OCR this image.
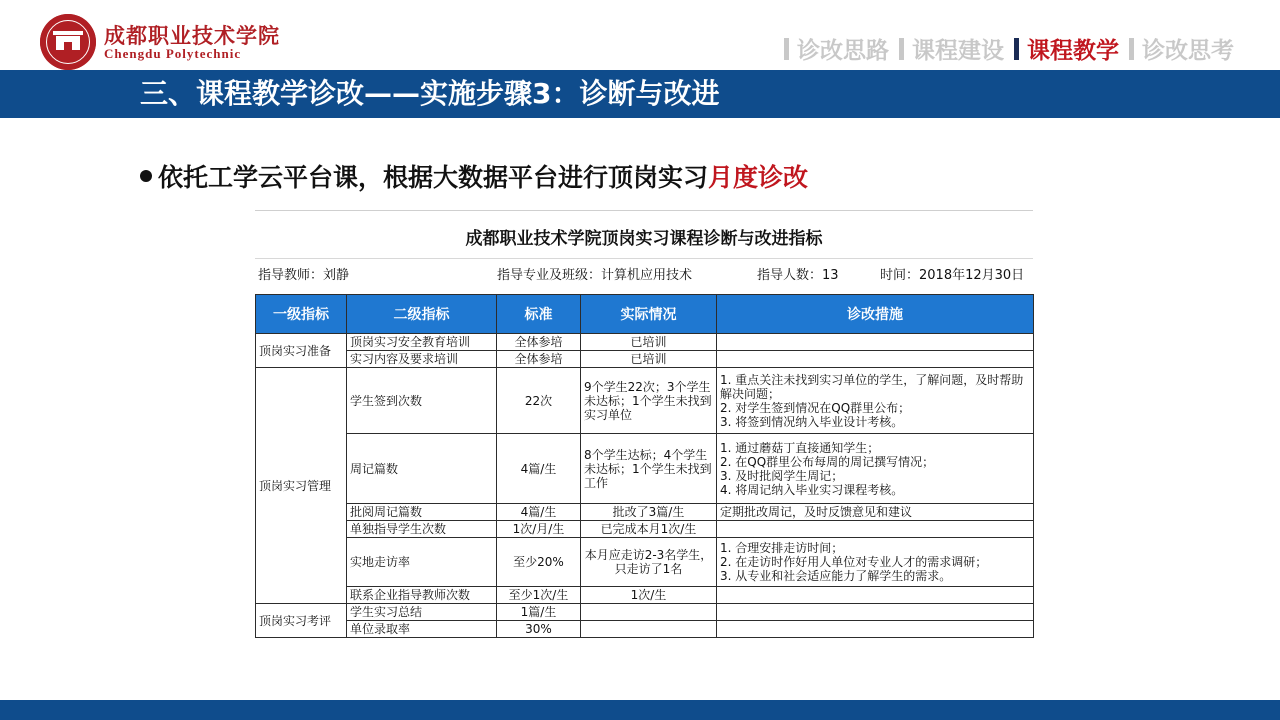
成都职业技术学院
Chengdu Polytechnic	诊改思路 课程建设 课程教学 诊改思考
三、课程教学诊改——实施步骤3：诊断与改进
依托工学云平台课，根据大数据平台进行顶岗实习月度诊改
成都职业技术学院顶岗实习课程诊断与改进指标
指导教师：刘静	指导专业及班级：计算机应用技术	指导人数：13	时间：2018年12月30日
一级指标	二级指标	标准	实际情况	诊改措施
顶岗实习准备	顶岗实习安全教育培训	全体参培	已培训	
	实习内容及要求培训	全体参培	已培训	
顶岗实习管理	学生签到次数	22次	9个学生22次；3个学生未达标；1个学生未找到实习单位	1. 重点关注未找到实习单位的学生，了解问题，及时帮助解决问题；
2. 对学生签到情况在QQ群里公布；
3. 将签到情况纳入毕业设计考核。
	周记篇数	4篇/生	8个学生达标；4个学生未达标；1个学生未找到工作	1. 通过蘑菇丁直接通知学生；
2. 在QQ群里公布每周的周记撰写情况；
3. 及时批阅学生周记；
4. 将周记纳入毕业实习课程考核。
	批阅周记篇数	4篇/生	批改了3篇/生	定期批改周记，及时反馈意见和建议
	单独指导学生次数	1次/月/生	已完成本月1次/生	
	实地走访率	至少20%	本月应走访2-3名学生，只走访了1名	1. 合理安排走访时间；
2. 在走访时作好用人单位对专业人才的需求调研；
3. 从专业和社会适应能力了解学生的需求。
	联系企业指导教师次数	至少1次/生	1次/生	
顶岗实习考评	学生实习总结	1篇/生		
	单位录取率	30%		
